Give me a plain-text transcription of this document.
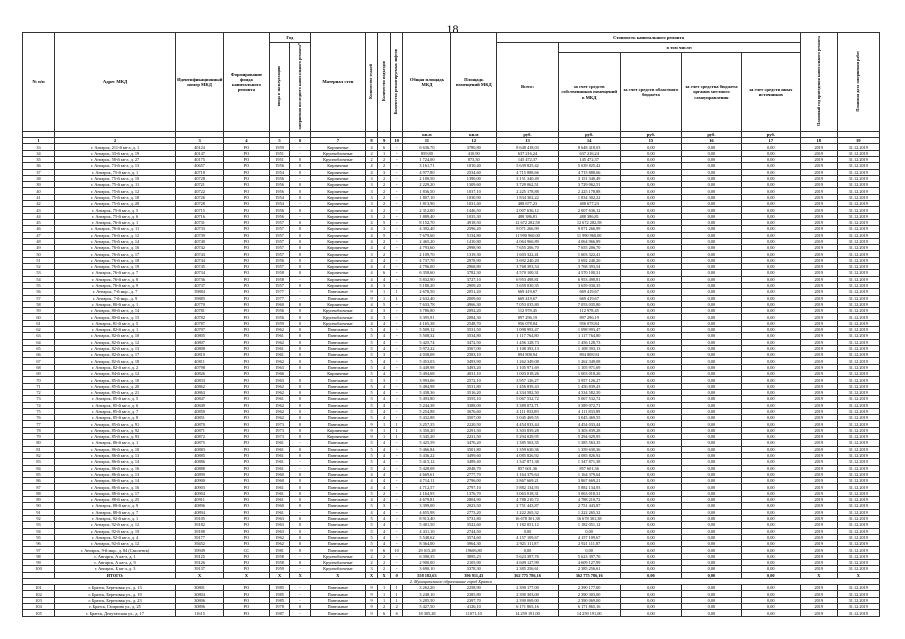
18
№ п/п	Адрес МКД	Идентификационный номер МКД	Формирование фонда капитального ремонта	Год		Материал стен	Количество этажей	Количество подъездов	Количество ремонтируемых лифтов	Общая площадь МКД	Площадь помещений МКД	Стоимость капитального ремонта					Плановый год проведения капитального ремонта	Плановая дата завершения работ
				ввода в эксплуатацию	завершения последнего капитального ремонта*							Всего:	в том числе:					
													за счет средств собственников помещений в МКД	за счет средств областного бюджета	за счет средства бюджета органов местного самоуправления	за счет средств иных источников		
										кв.м	кв.м	руб.	руб.	руб.	руб.	руб.		
1	2	3	4	5	6	7	8	9	10	11	12	13	14	15	16	17	18	19
33	г. Ангарск, 211-й кв-л, д. 1	40124	РО	1959	-	Кирпичные	4	6	-	6 636,70	3780,80	8 648 418,03	8 648 418,03	0,00	0,00	0,00	2019	31.12.2019
34	г. Ангарск, 33-й кв-л, д. 19	40147	РО	1951	-	Крупноблочные	2	1	-	859,80	410,90	637 216,24	637 216,24	0,00	0,00	0,00	2019	31.12.2019
35	г. Ангарск, 58-й кв-л, д. 27	40175	РО	1951	0	Крупноблочные	2	2	-	1 724,00	873,30	145 472,37	145 472,37	0,00	0,00	0,00	2019	31.12.2019
36	г. Ангарск, 73-й кв-л, д. 13	40657	РО	1956	0	Кирпичные	4	2	-	3 161,71	1810,40	5 639 825,42	5 639 825,42	0,00	0,00	0,00	2019	31.12.2019
37	г. Ангарск, 75-й кв-л, д. 1	40718	РО	1954	0	Кирпичные	4	3	-	4 977,80	2534,60	4 715 888,66	4 715 888,66	0,00	0,00	0,00	2019	31.12.2019
38	г. Ангарск, 75-й кв-л, д. 10	40728	РО	1956	-	Кирпичные	3	2	-	2 180,50	1390,00	3 151 340,49	3 151 340,49	0,00	0,00	0,00	2019	31.12.2019
39	г. Ангарск, 75-й кв-л, д. 11	40721	РО	1956	0	Кирпичные	3	2	-	2 229,20	1309,60	3 729 062,51	3 729 062,51	0,00	0,00	0,00	2019	31.12.2019
40	г. Ангарск, 75-й кв-л, д. 12	40722	РО	1956	0	Кирпичные	3	2	-	1 836,50	1037,10	2 225 178,88	2 225 178,88	0,00	0,00	0,00	2019	31.12.2019
41	г. Ангарск, 75-й кв-л, д. 18	40726	РО	1954	0	Кирпичные	3	2	-	1 807,10	1030,90	1 834 302,22	1 834 302,22	0,00	0,00	0,00	2019	31.12.2019
42	г. Ангарск, 75-й кв-л, д. 20	40728	РО	1954	-	Кирпичные	3	2	-	1 813,90	1031,40	488 677,23	488 677,23	0,00	0,00	0,00	2019	31.12.2019
43	г. Ангарск, 75-й кв-л, д. 5	40715	РО	1956	0	Кирпичные	4	2	-	2 312,00	1446,50	2 007 636,12	2 007 636,12	0,00	0,00	0,00	2019	31.12.2019
44	г. Ангарск, 75-й кв-л, д. 6	40716	РО	1956	-	Кирпичные	3	2	-	1 889,40	1035,30	488 386,81	488 386,81	0,00	0,00	0,00	2019	31.12.2019
45	г. Ангарск, 76-й кв-л, д. 1	40731	РО	1957	0	Кирпичные	4	5	-	8 152,70	4918,50	12 672 282,58	12 672 282,58	0,00	0,00	0,00	2019	31.12.2019
46	г. Ангарск, 76-й кв-л, д. 11	40733	РО	1957	0	Кирпичные	4	3	-	4 392,40	2596,20	9 071 266,99	9 071 266,99	0,00	0,00	0,00	2019	31.12.2019
47	г. Ангарск, 76-й кв-л, д. 12	40739	РО	1957	0	Кирпичные	4	5	-	7 679,60	5134,80	11 990 960,00	11 990 960,00	0,00	0,00	0,00	2019	31.12.2019
48	г. Ангарск, 76-й кв-л, д. 14	40740	РО	1957	0	Кирпичные	4	2	-	2 465,20	1410,80	4 064 966,89	4 064 966,89	0,00	0,00	0,00	2019	31.12.2019
49	г. Ангарск, 76-й кв-л, д. 16	40742	РО	1957	0	Кирпичные	4	4	-	4 793,60	2998,90	7 655 206,70	7 655 206,70	0,00	0,00	0,00	2019	31.12.2019
50	г. Ангарск, 76-й кв-л, д. 17	40743	РО	1957	0	Кирпичные	3	2	-	2 109,70	1319,30	1 603 322,41	1 603 322,41	0,00	0,00	0,00	2019	31.12.2019
51	г. Ангарск, 76-й кв-л, д. 18	40744	РО	1956	0	Кирпичные	4	4	-	4 737,70	2978,90	3 692 240,20	3 692 240,20	0,00	0,00	0,00	2019	31.12.2019
52	г. Ангарск, 76-й кв-л, д. 19	40745	РО	1957	0	Кирпичные	4	4	-	4 796,00	2968,80	3 768 393,54	3 768 393,54	0,00	0,00	0,00	2019	31.12.2019
53	г. Ангарск, 76-й кв-л, д. 7	40734	РО	1958	0	Кирпичные	4	6	-	6 358,60	3782,30	4 570 100,31	4 570 100,31	0,00	0,00	0,00	2019	31.12.2019
54	г. Ангарск, 76-й кв-л, д. 8	40736	РО	1958	-	Кирпичные	4	4	-	5 832,90	3727,10	6 953 498,81	6 953 498,81	0,00	0,00	0,00	2019	31.12.2019
55	г. Ангарск, 76-й кв-л, д. 9	40737	РО	1957	0	Кирпичные	4	3	-	5 180,20	2909,20	3 659 030,35	3 659 030,35	0,00	0,00	0,00	2019	31.12.2019
56	г. Ангарск, 7-й мкр., д. 7	39884	РО	1977	-	Панельные	9	1	1	2 678,50	2051,20	669 419,67	669 419,67	0,00	0,00	0,00	2019	31.12.2019
57	г. Ангарск, 7-й мкр., д. 9	39885	РО	1977	-	Панельные	9	1	1	2 632,40	2009,60	669 419,67	669 419,67	0,00	0,00	0,00	2019	31.12.2019
58	г. Ангарск, 80-й кв-л, д. 1	40770	РО	1960	0	Кирпичные	4	5	-	7 633,78	4966,30	7 053 035,80	7 053 035,80	0,00	0,00	0,00	2019	31.12.2019
59	г. Ангарск, 80-й кв-л, д. 14	40781	РО	1956	0	Крупноблочные	4	3	-	3 786,80	2092,20	112 978,45	112 978,45	0,00	0,00	0,00	2019	31.12.2019
60	г. Ангарск, 80-й кв-л, д. 15	40782	РО	1956	0	Крупноблочные	4	3	-	3 395,91	2084,30	897 296,19	897 296,19	0,00	0,00	0,00	2019	31.12.2019
61	г. Ангарск, 81-й кв-л, д. 5	40787	РО	1959	0	Крупноблочные	4	4	-	4 165,38	2548,70	956 078,84	956 078,84	0,00	0,00	0,00	2019	31.12.2019
62	г. Ангарск, 82-й кв-л, д. 1	40797	РО	1962	0	Панельные	5	4	-	5 509,12	3531,50	1 098 993,47	1 098 993,47	0,00	0,00	0,00	2019	31.12.2019
63	г. Ангарск, 82-й кв-л, д. 10	40805	РО	1961	0	Панельные	5	4	-	5 508,32	3534,80	1 117 764,80	1 117 764,80	0,00	0,00	0,00	2019	31.12.2019
64	г. Ангарск, 82-й кв-л, д. 12	40807	РО	1962	0	Панельные	5	4	-	5 425,74	3472,50	1 456 128,73	1 456 128,73	0,00	0,00	0,00	2019	31.12.2019
65	г. Ангарск, 82-й кв-л, д. 13	40808	РО	1961	0	Панельные	5	4	-	5 972,22	3567,00	1 108 393,13	1 108 393,13	0,00	0,00	0,00	2019	31.12.2019
66	г. Ангарск, 82-й кв-л, д. 17	40810	РО	1961	0	Панельные	5	3	-	4 038,08	2583,10	894 808,94	894 808,94	0,00	0,00	0,00	2019	31.12.2019
67	г. Ангарск, 82-й кв-л, д. 18	40811	РО	1962	0	Панельные	5	4	-	5 453,03	3493,90	1 262 349,08	1 262 349,08	0,00	0,00	0,00	2019	31.12.2019
68	г. Ангарск, 82-й кв-л, д. 2	40798	РО	1963	0	Панельные	5	4	-	5 449,98	3493,20	1 105 971,69	1 105 971,69	0,00	0,00	0,00	2019	31.12.2019
69	г. Ангарск, 84-й кв-л, д. 12	40826	РО	1966	-	Кирпичные	5	4	-	5 494,68	4031,10	1 003 018,26	1 003 018,26	0,00	0,00	0,00	2019	31.12.2019
70	г. Ангарск, 85-й кв-л, д. 10	40833	РО	1963	0	Панельные	5	3	-	3 993,06	2572,10	3 957 126,27	3 957 126,27	0,00	0,00	0,00	2019	31.12.2019
71	г. Ангарск, 85-й кв-л, д. 20	40862	РО	1962	0	Панельные	5	4	-	5 484,98	3531,80	1 456 839,43	1 456 839,43	0,00	0,00	0,00	2019	31.12.2019
72	г. Ангарск, 85-й кв-л, д. 21	40863	РО	1962	0	Панельные	5	4	-	5 438,36	3516,20	4 334 582,50	4 334 582,50	0,00	0,00	0,00	2019	31.12.2019
73	г. Ангарск, 85-й кв-л, д. 5	40847	РО	1961	0	Панельные	5	4	-	5 493,80	3555,10	5 067 532,72	5 067 532,72	0,00	0,00	0,00	2019	31.12.2019
74	г. Ангарск, 85-й кв-л, д. 6	40849	РО	1962	0	Панельные	5	4	-	5 244,38	3388,00	3 389 072,71	3 389 072,71	0,00	0,00	0,00	2019	31.12.2019
75	г. Ангарск, 85-й кв-л, д. 7	40850	РО	1962	0	Панельные	5	4	-	5 254,88	3676,60	4 111 833,89	4 111 833,89	0,00	0,00	0,00	2019	31.12.2019
76	г. Ангарск, 85-й кв-л, д. 8	40851	РО	1962	0	Панельные	5	4	-	5 432,88	3507,00	3 045 469,55	3 045 469,55	0,00	0,00	0,00	2019	31.12.2019
77	г. Ангарск, 85-й кв-л, д. 91	40870	РО	1973	0	Панельные	9	1	1	3 257,35	2220,50	4 454 033,44	4 454 033,44	0,00	0,00	0,00	2019	31.12.2019
78	г. Ангарск, 85-й кв-л, д. 92	40871	РО	1973	0	Кирпичные	9	1	1	3 350,20	2291,50	3 303 839,28	3 303 839,28	0,00	0,00	0,00	2019	31.12.2019
79	г. Ангарск, 85-й кв-л, д. 93	40872	РО	1973	0	Кирпичные	9	1	1	3 345,20	2231,50	5 294 029,95	5 294 029,95	0,00	0,00	0,00	2019	31.12.2019
80	г. Ангарск, 86-й кв-л, д. 1	40875	РО	1961	-	Панельные	5	4	-	5 425,59	3476,20	1 385 563,35	1 385 563,35	0,00	0,00	0,00	2019	31.12.2019
81	г. Ангарск, 86-й кв-л, д. 10	40883	РО	1961	0	Панельные	5	4	-	5 466,84	3501,80	1 359 630,36	1 359 630,36	0,00	0,00	0,00	2019	31.12.2019
82	г. Ангарск, 86-й кв-л, д. 13	40885	РО	1961	0	Панельные	5	4	-	5 436,22	3499,60	4 085 826,92	4 085 826,92	0,00	0,00	0,00	2019	31.12.2019
83	г. Ангарск, 86-й кв-л, д. 14	40886	РО	1961	-	Панельные	5	4	-	5 415,12	3489,40	1 347 871,38	1 347 871,38	0,00	0,00	0,00	2019	31.12.2019
84	г. Ангарск, 86-й кв-л, д. 16	40888	РО	1961	-	Панельные	5	4	-	5 428,08	2048,70	857 601,36	857 601,36	0,00	0,00	0,00	2019	31.12.2019
85	г. Ангарск, 86-й кв-л, д. 13	40899	РО	1960	0	Панельные	4	4	-	4 669,61	2777,70	1 164 379,64	1 164 379,64	0,00	0,00	0,00	2019	31.12.2019
86	г. Ангарск, 86-й кв-л, д. 14	40900	РО	1960	0	Панельные	4	4	-	4 714,11	2796,00	3 867 669,21	3 867 669,21	0,00	0,00	0,00	2019	31.12.2019
87	г. Ангарск, 86-й кв-л, д. 16	40903	РО	1961	0	Панельные	4	4	-	4 712,57	2797,10	5 882 134,93	5 882 134,93	0,00	0,00	0,00	2019	31.12.2019
88	г. Ангарск, 88-й кв-л, д. 17	40904	РО	1961	0	Панельные	5	2	-	2 164,95	1376,70	3 063 018,31	3 063 018,31	0,00	0,00	0,00	2019	31.12.2019
89	г. Ангарск, 88-й кв-л, д. 25	40911	РО	1961	0	Панельные	4	4	-	4 679,81	2804,90	4 788 210,72	4 788 210,72	0,00	0,00	0,00	2019	31.12.2019
90	г. Ангарск, 88-й кв-л, д. 9	40896	РО	1960	0	Панельные	5	3	-	3 399,00	2023,50	2 751 443,87	2 751 443,87	0,00	0,00	0,00	2019	31.12.2019
91	г. Ангарск, 88-й кв-л, д. 7	40894	РО	1961	-	Панельные	4	4	-	4 655,98	2773,20	1 222 265,32	1 222 265,32	0,00	0,00	0,00	2019	31.12.2019
92	г. Ангарск, 92-й кв-л, д. 1	39105	РО	1963	0	Панельные	5	4	-	8 913,40	5731,80	16 678 301,38	16 678 301,38	0,00	0,00	0,00	2019	31.12.2019
93	г. Ангарск, 92-й кв-л, д. 12	39182	РО	1963	0	Панельные	5	4	-	5 481,50	3522,60	1 182 051,12	1 182 051,12	0,00	0,00	0,00	2019	31.12.2019
94	г. Ангарск, 92-й кв-л, д. 19	39188	РО	1963	0	Панельные	5	4	-	4 431,10	2744,50	0,00	0,00	0,00	0,00	0,00	2019	31.12.2019
95	г. Ангарск, 92-й кв-л, д. 4	39177	РО	1962	0	Панельные	5	4	-	5 548,62	3574,60	4 157 109,67	4 157 109,67	0,00	0,00	0,00	2019	31.12.2019
96	г. Ангарск, 92-й кв-л, д. 12	39452	РО	1962	0	Панельные	5	4	-	8 364,00	3964,30	2 921 111,87	2 921 111,87	0,00	0,00	0,00	2019	31.12.2019
97	г. Ангарск, 9-й мкр., д. 84 (Смоленск)	39949	СС	1981	0	Панельные	9	6	10	29 015,28	19606,80	0,00	0,00	0,00	0,00	0,00	2019	31.12.2019
98	г. Ангарск, А кв-л, д. 1	39125	РО	1958	-	Крупноблочные	2	2	-	6 390,35	3895,23	5 623 397,76	5 623 397,76	0,00	0,00	0,00	2019	31.12.2019
99	г. Ангарск, А кв-л, д. 9	39126	РО	1958	0	Крупноблочные	2	2	-	2 900,00	2105,90	4 609 127,99	4 609 127,99	0,00	0,00	0,00	2019	31.12.2019
100	г. Ангарск, Б кв-л, д. 3	39137	РО	1959	-	Крупноблочные	3	2	-	3 690,10	3378,30	2 385 256,61	2 385 256,61	0,00	0,00	0,00	2019	31.12.2019
	ИТОГО:	Х	Х	Х	Х	Х	Х	Х	0	558 182,63	396 911,43	362 775 786,16	362 775 786,16	0,00	0,00	0,00	Х	Х
2. Муниципальное образование город Братск																		
101	г. Братск, Березовая ул., д. 13	30801	РО	1985	-	Панельные	9	1	1	3 262,20	2258,90	2 390 177,00	2 390 177,00	0,00	0,00	0,00	2019	31.12.2019
102	г. Братск, Березовая ул., д. 19	30804	РО	1985	-	Панельные	9	1	1	3 248,10	2385,80	2 390 303,00	2 390 303,00	0,00	0,00	0,00	2019	31.12.2019
103	г. Братск, Березовая ул., д. 23	30806	РО	1985	-	Панельные	9	1	1	3 285,50	2397,70	2 390 069,00	2 390 069,00	0,00	0,00	0,00	2019	31.12.2019
104	г. Братск, Гагарина ул., д. 25	30896	РО	1978	0	Панельные	9	2	2	5 427,50	4126,10	6 171 865,16	6 171 865,16	0,00	0,00	0,00	2019	31.12.2019
105	г. Братск, Депутатская ул., д. 17	11615	РО	1987	-	Панельные	9	6	6	18 305,28	11071,10	14 259 191,00	14 259 191,00	0,00	0,00	0,00	2019	31.12.2019
